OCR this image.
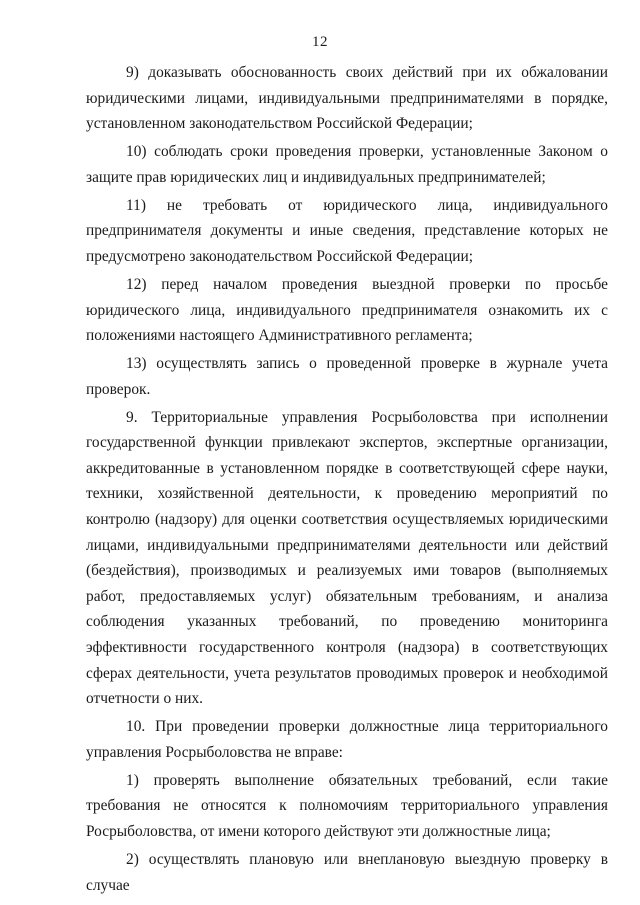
12

9) доказывать обоснованность своих действий при их обжаловании юридическими лицами, индивидуальными предпринимателями в порядке, установленном законодательством Российской Федерации;

10) соблюдать сроки проведения проверки, установленные Законом о защите прав юридических лиц и индивидуальных предпринимателей;

11) не требовать от юридического лица, индивидуального предпринимателя документы и иные сведения, представление которых не предусмотрено законодательством Российской Федерации;

12) перед началом проведения выездной проверки по просьбе юридического лица, индивидуального предпринимателя ознакомить их с положениями настоящего Административного регламента;

13) осуществлять запись о проведенной проверке в журнале учета проверок.

9. Территориальные управления Росрыболовства при исполнении государственной функции привлекают экспертов, экспертные организации, аккредитованные в установленном порядке в соответствующей сфере науки, техники, хозяйственной деятельности, к проведению мероприятий по контролю (надзору) для оценки соответствия осуществляемых юридическими лицами, индивидуальными предпринимателями деятельности или действий (бездействия), производимых и реализуемых ими товаров (выполняемых работ, предоставляемых услуг) обязательным требованиям, и анализа соблюдения указанных требований, по проведению мониторинга эффективности государственного контроля (надзора) в соответствующих сферах деятельности, учета результатов проводимых проверок и необходимой отчетности о них.

10. При проведении проверки должностные лица территориального управления Росрыболовства не вправе:

1) проверять выполнение обязательных требований, если такие требования не относятся к полномочиям территориального управления Росрыболовства, от имени которого действуют эти должностные лица;

2) осуществлять плановую или внеплановую выездную проверку в случае
